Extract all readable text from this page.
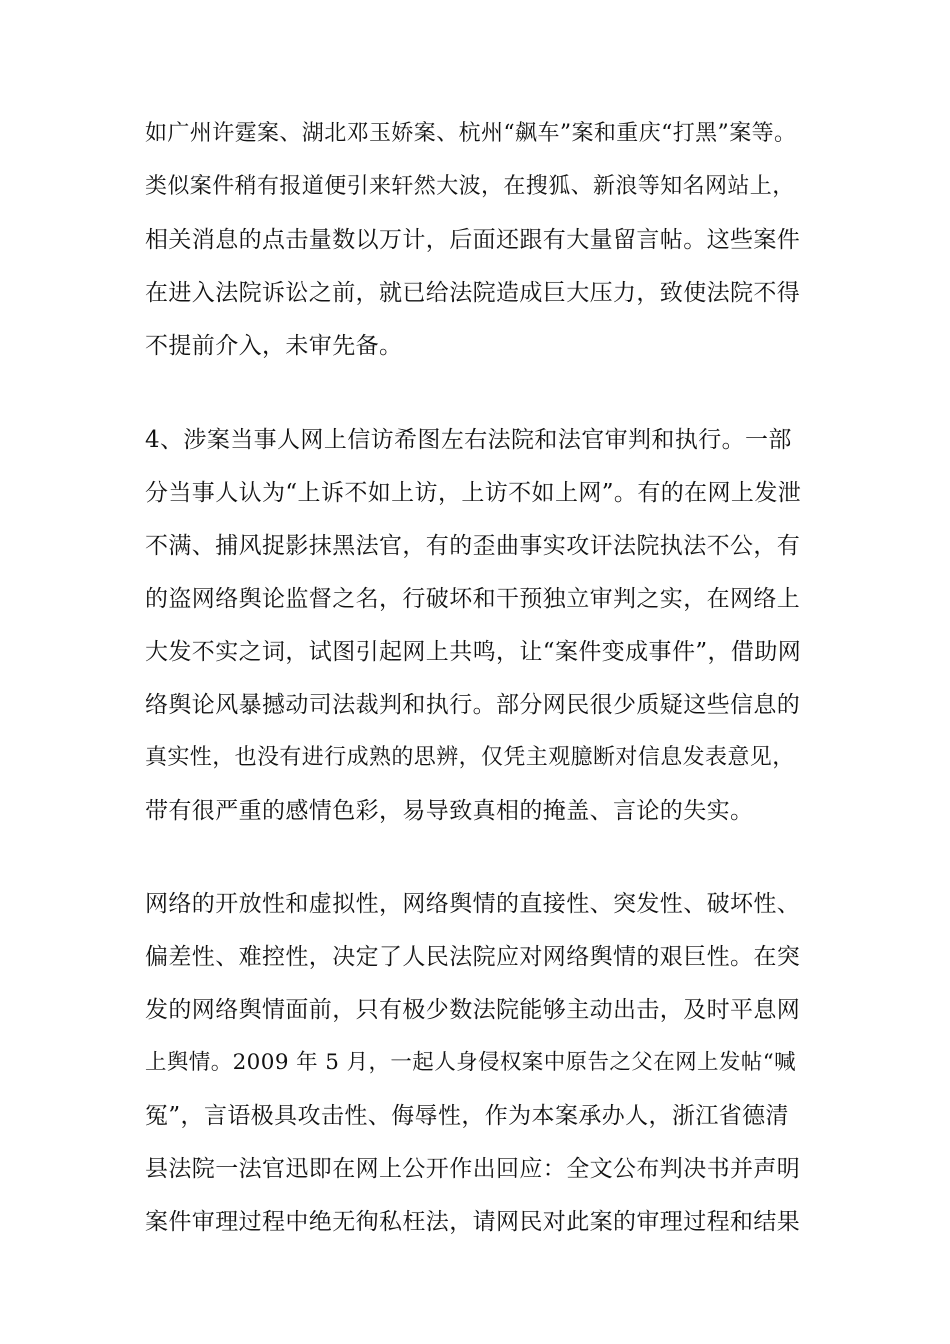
如广州许霆案、湖北邓玉娇案、杭州“飙车”案和重庆“打黑”案等。
类似案件稍有报道便引来轩然大波，在搜狐、新浪等知名网站上，
相关消息的点击量数以万计，后面还跟有大量留言帖。这些案件
在进入法院诉讼之前，就已给法院造成巨大压力，致使法院不得
不提前介入，未审先备。
4、涉案当事人网上信访希图左右法院和法官审判和执行。一部
分当事人认为“上诉不如上访，上访不如上网”。有的在网上发泄
不满、捕风捉影抹黑法官，有的歪曲事实攻讦法院执法不公，有
的盗网络舆论监督之名，行破坏和干预独立审判之实，在网络上
大发不实之词，试图引起网上共鸣，让“案件变成事件”，借助网
络舆论风暴撼动司法裁判和执行。部分网民很少质疑这些信息的
真实性，也没有进行成熟的思辨，仅凭主观臆断对信息发表意见，
带有很严重的感情色彩，易导致真相的掩盖、言论的失实。
网络的开放性和虚拟性，网络舆情的直接性、突发性、破坏性、
偏差性、难控性，决定了人民法院应对网络舆情的艰巨性。在突
发的网络舆情面前，只有极少数法院能够主动出击，及时平息网
上舆情。2009 年 5 月，一起人身侵权案中原告之父在网上发帖“喊
冤”，言语极具攻击性、侮辱性，作为本案承办人，浙江省德清
县法院一法官迅即在网上公开作出回应：全文公布判决书并声明
案件审理过程中绝无徇私枉法，请网民对此案的审理过程和结果
